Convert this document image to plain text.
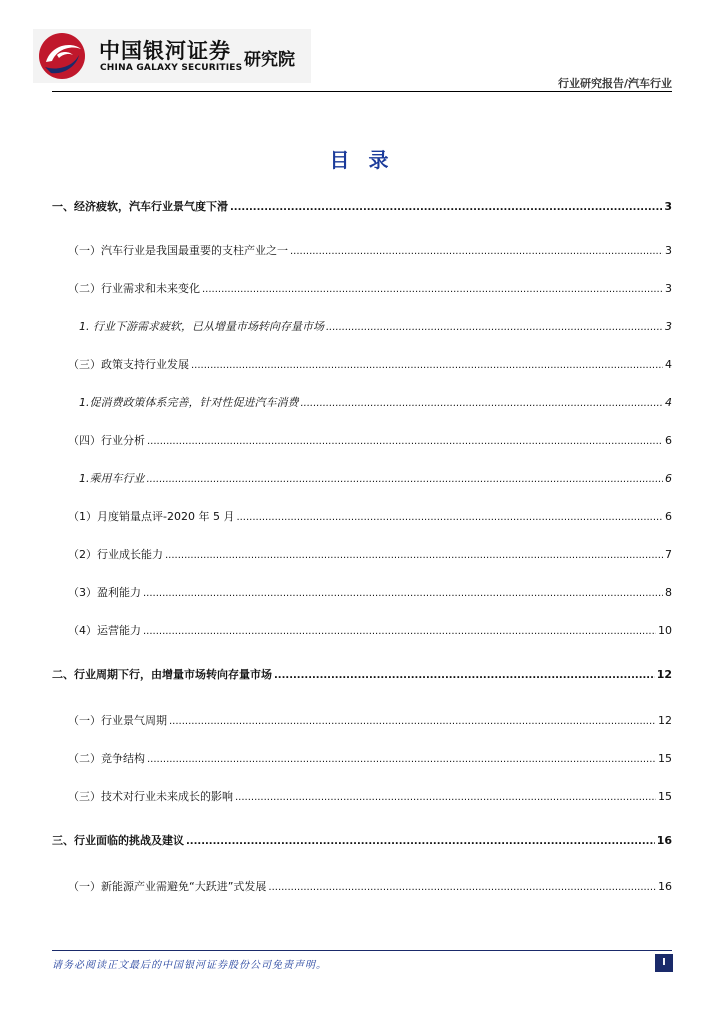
中国银河证券
CHINA GALAXY SECURITIES 研究院
行业研究报告/汽车行业
目 录
一、经济疲软，汽车行业景气度下滑 .....	3
（一）汽车行业是我国最重要的支柱产业之一 .....	3
（二）行业需求和未来变化 .....	3
1. 行业下游需求疲软，已从增量市场转向存量市场 .....	3
（三）政策支持行业发展 .....	4
1.促消费政策体系完善，针对性促进汽车消费 .....	4
（四）行业分析 .....	6
1.乘用车行业 .....	6
（1）月度销量点评-2020 年 5 月 .....	6
（2）行业成长能力 .....	7
（3）盈利能力 .....	8
（4）运营能力 .....	10
二、行业周期下行，由增量市场转向存量市场 .....	12
（一）行业景气周期 .....	12
（二）竞争结构 .....	15
（三）技术对行业未来成长的影响 .....	15
三、行业面临的挑战及建议 .....	16
（一）新能源产业需避免“大跃进”式发展 .....	16
请务必阅读正文最后的中国银河证券股份公司免责声明。	I
